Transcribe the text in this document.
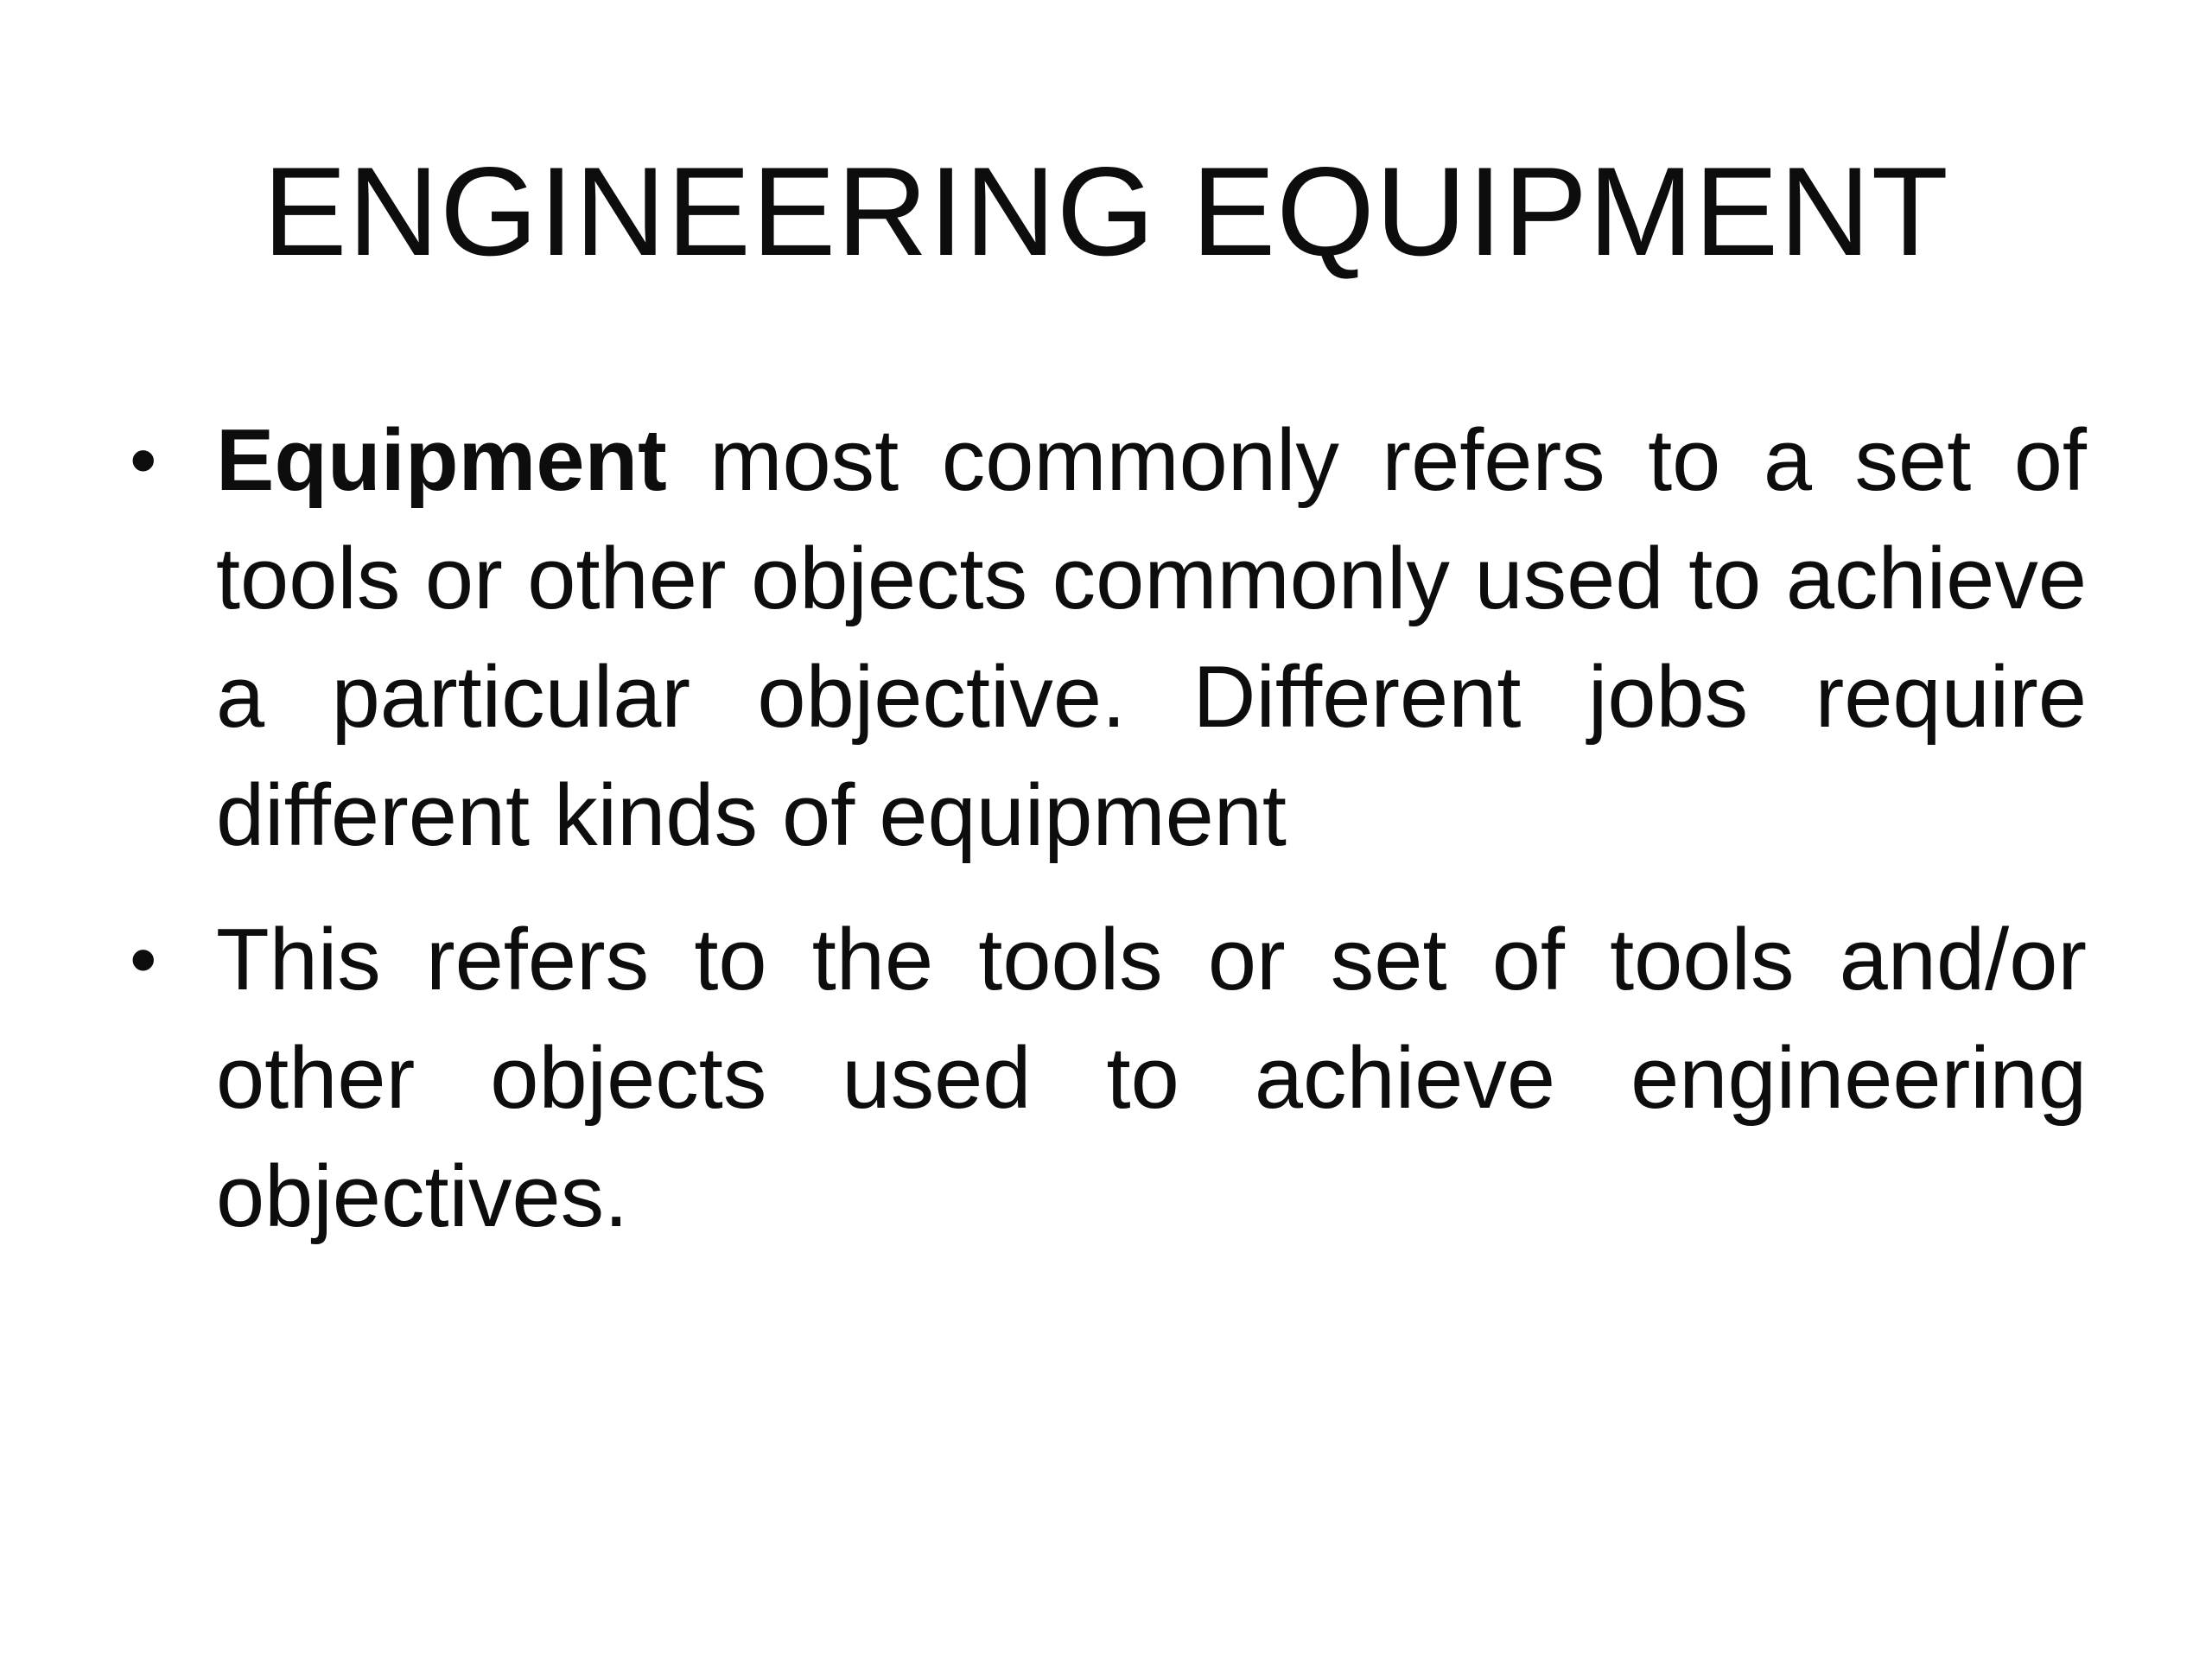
ENGINEERING EQUIPMENT
• Equipment most commonly refers to a set of tools or other objects commonly used to achieve a particular objective. Different jobs require different kinds of equipment
• This refers to the tools or set of tools and/or other objects used to achieve engineering objectives.
